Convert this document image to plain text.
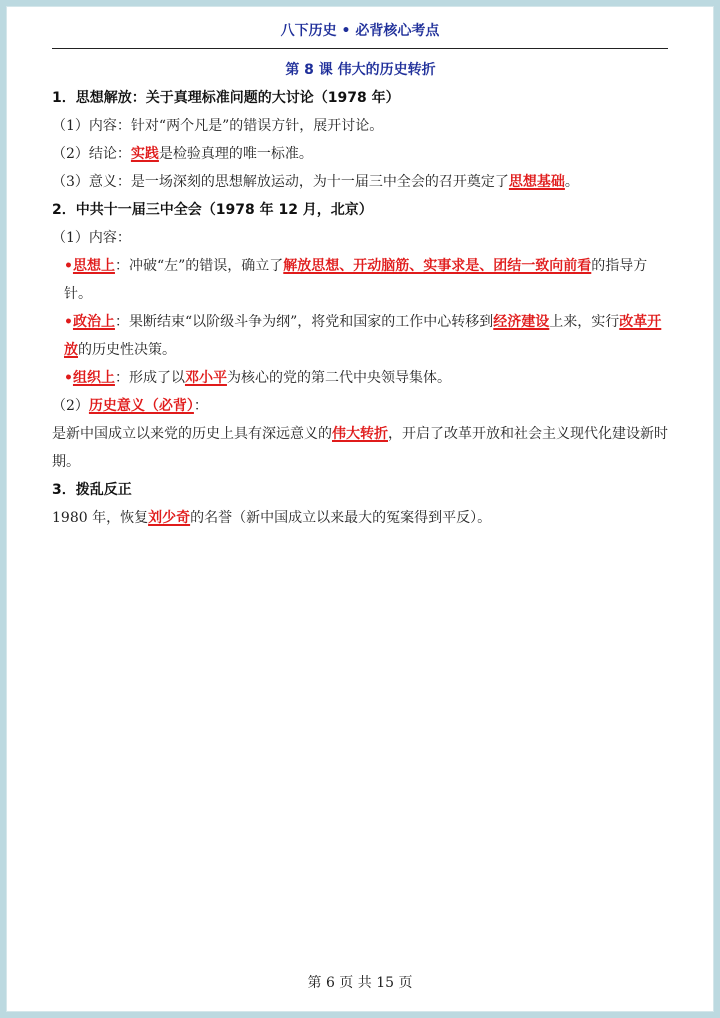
八下历史 • 必背核心考点
第 8 课 伟大的历史转折
1．思想解放：关于真理标准问题的大讨论（1978 年）
（1）内容：针对“两个凡是”的错误方针，展开讨论。
（2）结论：实践是检验真理的唯一标准。
（3）意义：是一场深刻的思想解放运动，为十一届三中全会的召开奠定了思想基础。
2．中共十一届三中全会（1978 年 12 月，北京）
（1）内容：
•思想上：冲破“左”的错误，确立了解放思想、开动脑筋、实事求是、团结一致向前看的指导方针。
•政治上：果断结束“以阶级斗争为纲”，将党和国家的工作中心转移到经济建设上来，实行改革开放的历史性决策。
•组织上：形成了以邓小平为核心的党的第二代中央领导集体。
（2）历史意义（必背）：
是新中国成立以来党的历史上具有深远意义的伟大转折，开启了改革开放和社会主义现代化建设新时期。
3．拨乱反正
1980 年，恢复刘少奇的名誉（新中国成立以来最大的冤案得到平反）。
第 6 页 共 15 页
